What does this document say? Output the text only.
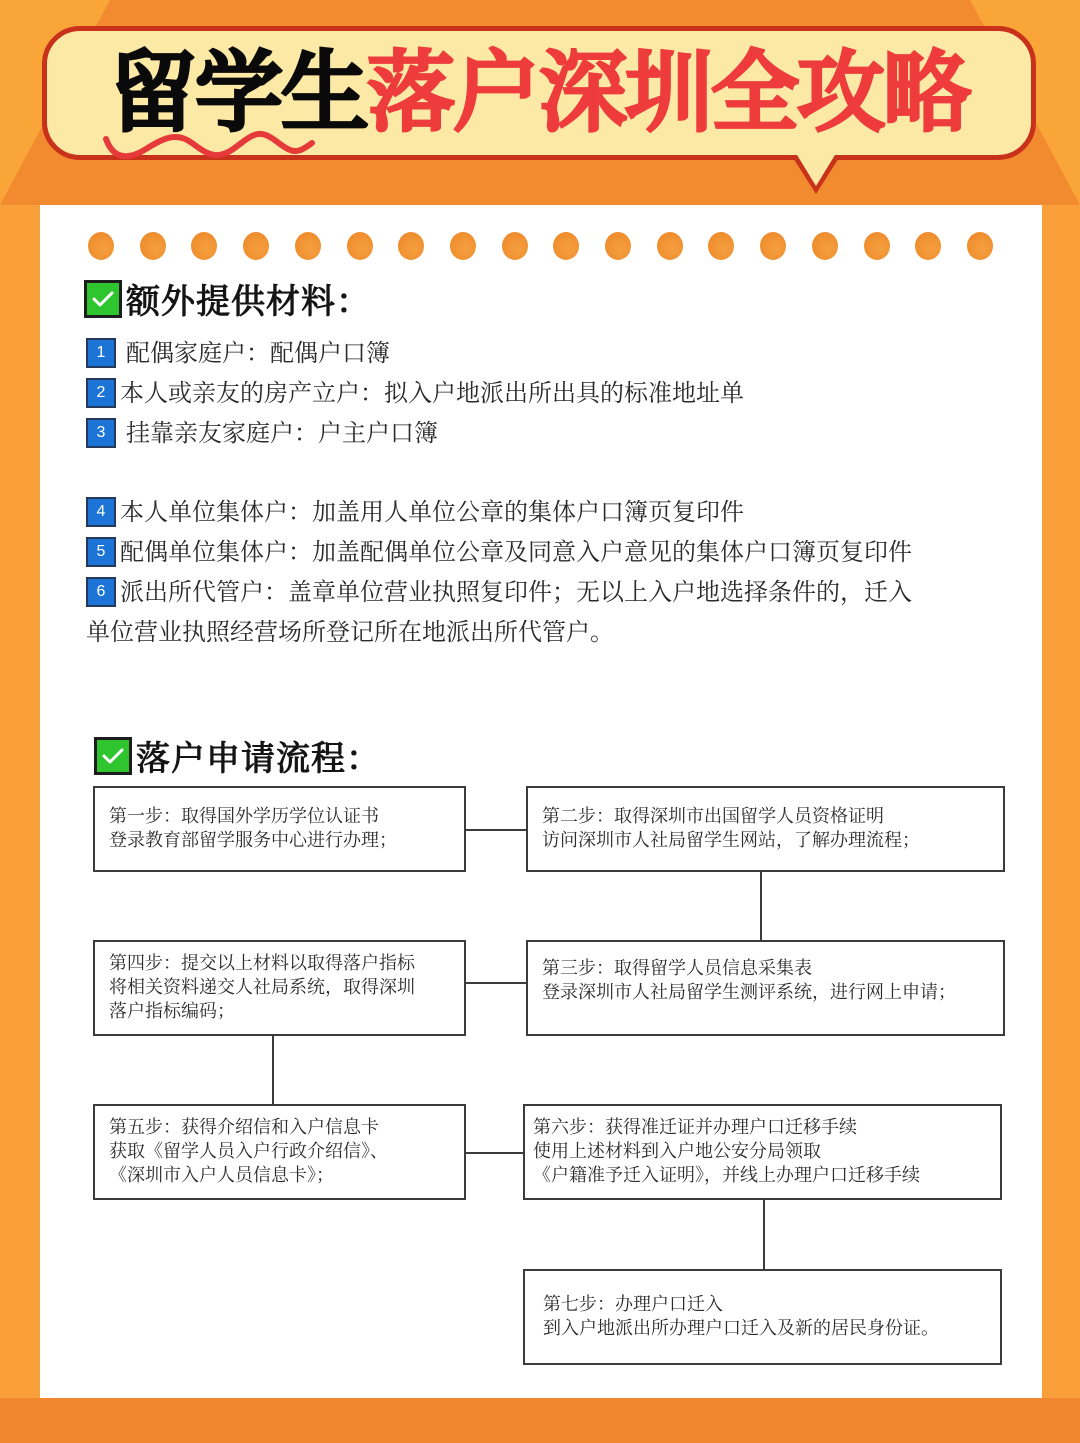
留学生落户深圳全攻略
额外提供材料：
1 配偶家庭户：配偶户口簿
2 本人或亲友的房产立户：拟入户地派出所出具的标准地址单
3 挂靠亲友家庭户：户主户口簿
4 本人单位集体户：加盖用人单位公章的集体户口簿页复印件
5 配偶单位集体户：加盖配偶单位公章及同意入户意见的集体户口簿页复印件
6 派出所代管户：盖章单位营业执照复印件；无以上入户地选择条件的，迁入
单位营业执照经营场所登记所在地派出所代管户。
落户申请流程：
第一步：取得国外学历学位认证书
登录教育部留学服务中心进行办理；
第二步：取得深圳市出国留学人员资格证明
访问深圳市人社局留学生网站，了解办理流程；
第三步：取得留学人员信息采集表
登录深圳市人社局留学生测评系统，进行网上申请；
第四步：提交以上材料以取得落户指标
将相关资料递交人社局系统，取得深圳
落户指标编码；
第五步：获得介绍信和入户信息卡
获取《留学人员入户行政介绍信》、
《深圳市入户人员信息卡》；
第六步：获得准迁证并办理户口迁移手续
使用上述材料到入户地公安分局领取
《户籍准予迁入证明》，并线上办理户口迁移手续
第七步：办理户口迁入
到入户地派出所办理户口迁入及新的居民身份证。
